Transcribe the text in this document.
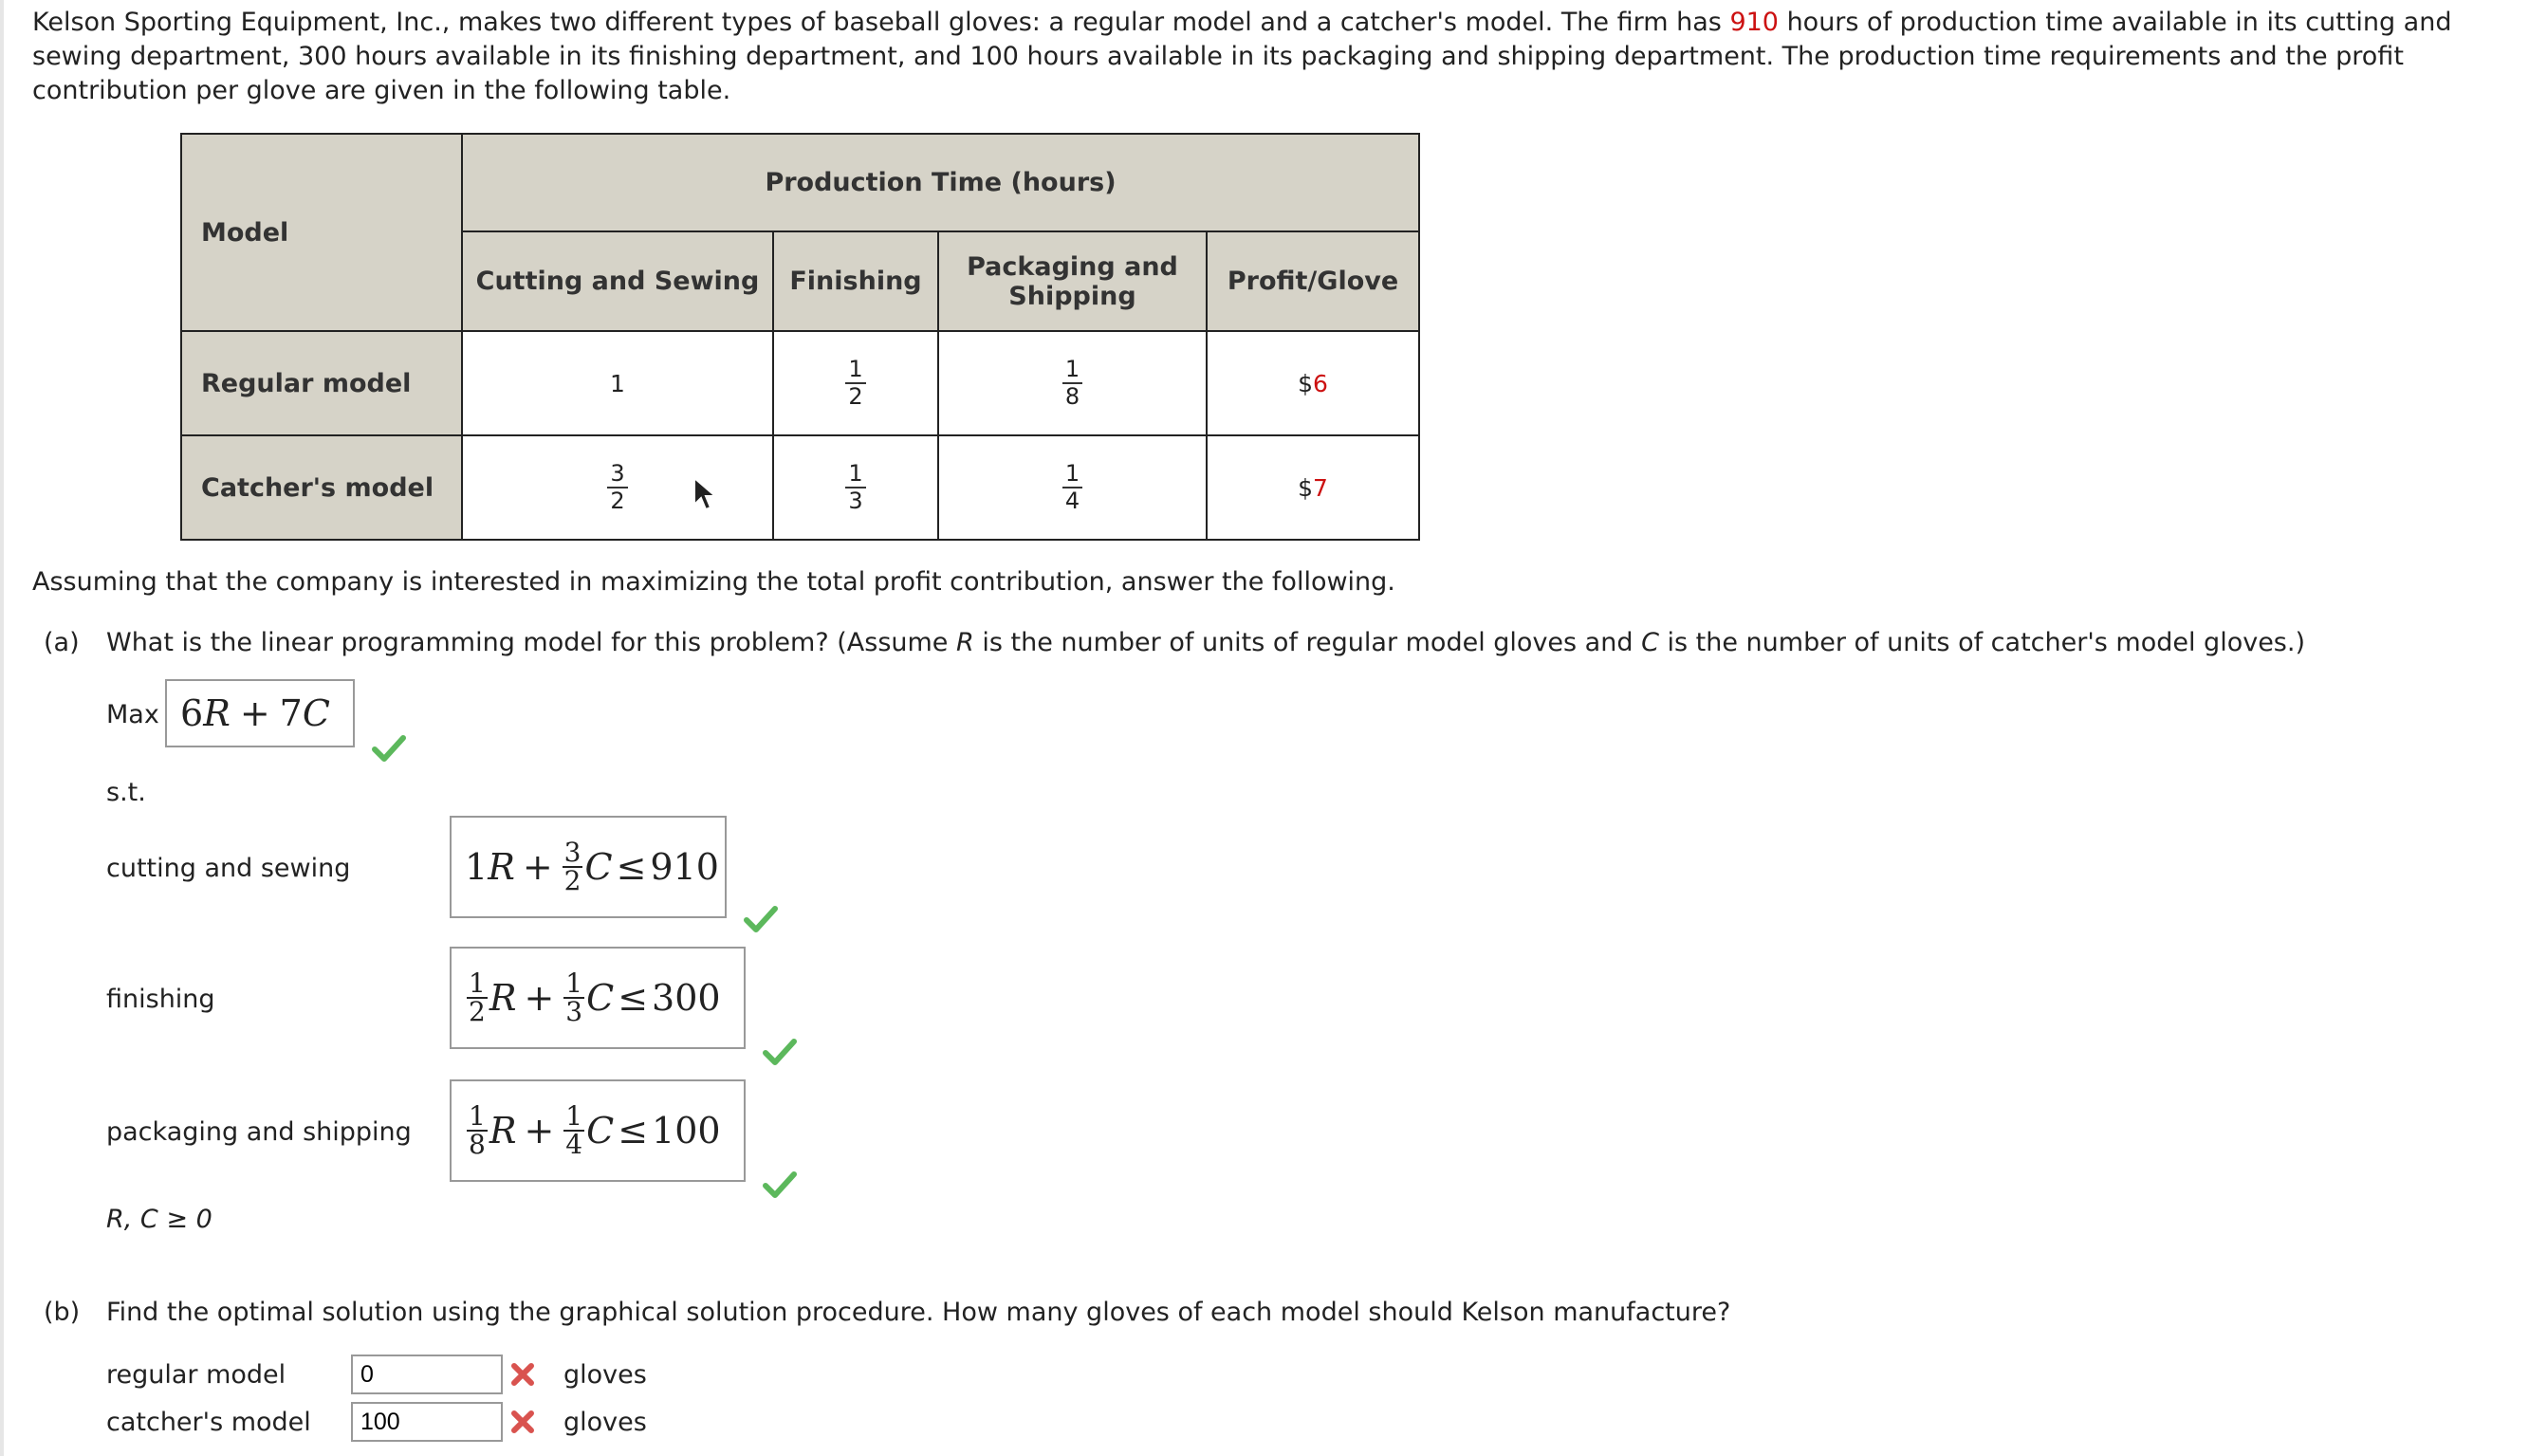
Kelson Sporting Equipment, Inc., makes two different types of baseball gloves: a regular model and a catcher's model. The firm has 910 hours of production time available in its cutting and sewing department, 300 hours available in its finishing department, and 100 hours available in its packaging and shipping department. The production time requirements and the profit contribution per glove are given in the following table.
Model	Production Time (hours)			
	Cutting and Sewing	Finishing	Packaging and Shipping	Profit/Glove
Regular model	1	$\frac{1}{2}$	$\frac{1}{8}$	$6
Catcher's model	$\frac{3}{2}$	$\frac{1}{3}$	$\frac{1}{4}$	$7
Assuming that the company is interested in maximizing the total profit contribution, answer the following.
(a) What is the linear programming model for this problem? (Assume R is the number of units of regular model gloves and C is the number of units of catcher's model gloves.)
Max 6 R + 7 C
s.t.
cutting and sewing	1 $R + \frac{3}{2}$ C ≤ 910
finishing	$\frac{1}{2}$ $R + \frac{1}{3}$ C ≤ 300
packaging and shipping $\frac{1}{8}$ $R + \frac{1}{4}$ C ≤ 100
R, C ≥ 0
(b) Find the optimal solution using the graphical solution procedure. How many gloves of each model should Kelson manufacture?
regular model
0	gloves
catcher's model
100	gloves
